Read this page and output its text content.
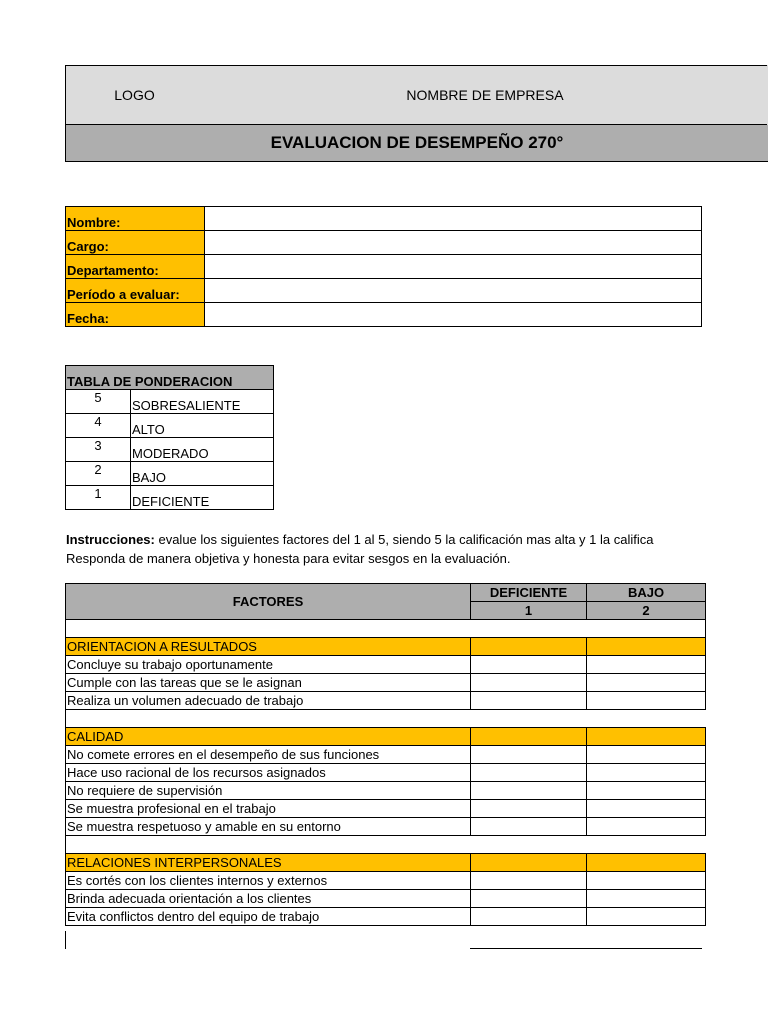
LOGO	NOMBRE DE EMPRESA
EVALUACION DE DESEMPEÑO 270°
Nombre:	
Cargo:	
Departamento:	
Período a evaluar:	
Fecha:	
TABLA DE PONDERACION	
5	SOBRESALIENTE
4	ALTO
3	MODERADO
2	BAJO
1	DEFICIENTE
Instrucciones: evalue los siguientes factores del 1 al 5, siendo 5 la calificación mas alta y 1 la califica
Responda de manera objetiva y honesta para evitar sesgos en la evaluación.
FACTORES	DEFICIENTE	BAJO
	1	2

ORIENTACION A RESULTADOS		
Concluye su trabajo oportunamente		
Cumple con las tareas que se le asignan		
Realiza un volumen adecuado de trabajo		

CALIDAD		
No comete errores en el desempeño de sus funciones		
Hace uso racional de los recursos asignados		
No requiere de supervisión		
Se muestra profesional en el trabajo		
Se muestra respetuoso y amable en su entorno		

RELACIONES INTERPERSONALES		
Es cortés con los clientes internos y externos		
Brinda adecuada orientación a los clientes		
Evita conflictos dentro del equipo de trabajo		
